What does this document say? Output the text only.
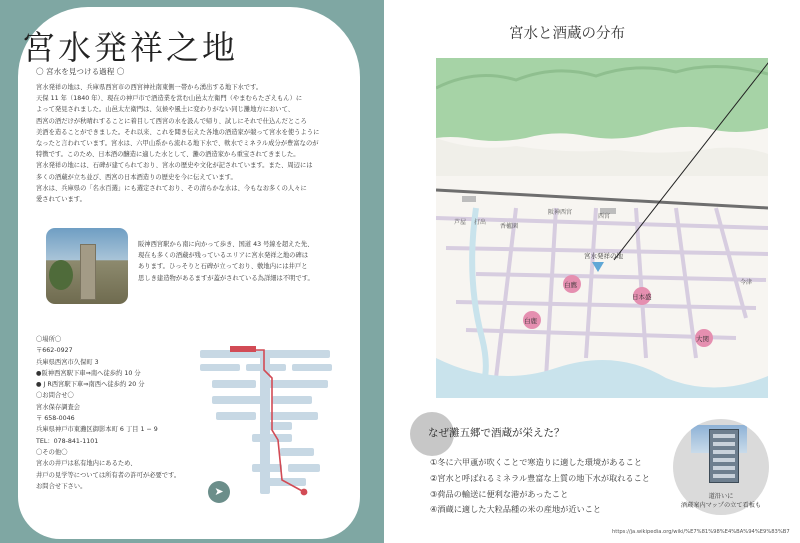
宮水発祥之地
〇 宮水を見つける過程 〇

宮水発祥の地は、兵庫県西宮市の西宮神社南東側一帯から湧出する地下水です。

天保 11 年（1840 年）、現在の神戸市で酒造業を営む山邑太左衛門（やまむらたざえもん）に

よって発見されました。山邑太左衛門は、気候や風土に変わりがない同じ灘地方において、

西宮の酒だけが秋晴れすることに着目して西宮の水を汲んで帰り、試しにそれで仕込んだところ

美酒を造ることができました。それ以来、これを聞き伝えた各地の酒造家が競って宮水を使うように

なったと言われています。宮水は、六甲山系から流れる地下水で、軟水でミネラル成分が豊富なのが

特徴です。このため、日本酒の醸造に適した水として、灘の酒造家から重宝されてきました。

宮水発祥の地には、石碑が建てられており、宮水の歴史や文化が記されています。また、周辺には

多くの酒蔵が立ち並び、西宮の日本酒造りの歴史を今に伝えています。

宮水は、兵庫県の「名水百選」にも選定されており、その清らかな水は、今もなお多くの人々に

愛されています。

阪神西宮駅から南に向かって歩き、国道 43 号線を超えた先、

現在も多くの酒蔵が残っているエリアに宮水発祥之地の碑は

あります。ひっそりと石碑が立っており、敷地内には井戸と

思しき建造物があるますが蓋がされている為詳細は不明です。

〇場所〇

〒662-0927

兵庫県西宮市久保町 3

●阪神西宮駅下車⇒南へ徒歩約 10 分

● J R西宮駅下車⇒南西へ徒歩約 20 分

〇お問合せ〇

宮水保存調査会

〒 658-0046

兵庫県神戸市東灘区御影本町 6 丁目 1 − 9

TEL：078-841-1101

〇その他〇

宮水の井戸は私有地内にあるため、

井戸の見学等については所有者の許可が必要です。

お問合せ下さい。	➤
宮水と酒蔵の分布
芦屋 打出
香櫨園
阪神西宮
西宮
宮水発祥の地
白鷹
日本盛
白鹿
大関
今津
なぜ灘五郷で酒蔵が栄えた？

①冬に六甲颪が吹くことで寒造りに適した環境があること

②宮水と呼ばれるミネラル豊富な上質の地下水が取れること

③荷品の輸送に便利な港があったこと

④酒蔵に適した大粒品種の米の産地が近いこと

道沿いに
酒蔵案内マップの立て看板も
https://ja.wikipedia.org/wiki/%E7%81%98%E4%BA%94%E9%83%B7
